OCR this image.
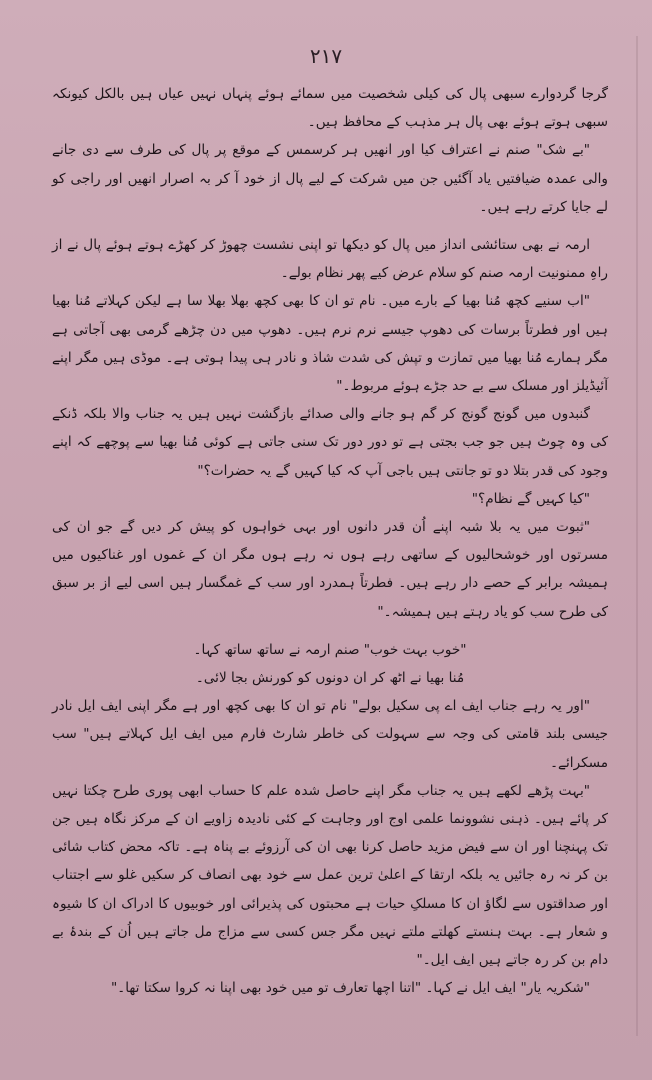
۲۱۷

گرجا گردوارے سبھی پال کی کیلی شخصیت میں سمائے ہوئے پنہاں نہیں عیاں ہیں بالکل کیونکہ سبھی ہوتے ہوئے بھی پال ہر مذہب کے محافظ ہیں۔

"بے شک" صنم نے اعتراف کیا اور انھیں ہر کرسمس کے موقع پر پال کی طرف سے دی جانے والی عمدہ ضیافتیں یاد آگئیں جن میں شرکت کے لیے پال از خود آ کر بہ اصرار انھیں اور راجی کو لے جایا کرتے رہے ہیں۔

ارمہ نے بھی ستائشی انداز میں پال کو دیکھا تو اپنی نشست چھوڑ کر کھڑے ہوتے ہوئے پال نے از راہِ ممنونیت ارمہ صنم کو سلام عرض کیے پھر نظام بولے۔

"اب سنیے کچھ مُنا بھیا کے بارے میں۔ نام تو ان کا بھی کچھ بھلا بھلا سا ہے لیکن کہلاتے مُنا بھیا ہیں اور فطرتاً برسات کی دھوپ جیسے نرم نرم ہیں۔ دھوپ میں دن چڑھے گرمی بھی آجاتی ہے مگر ہمارے مُنا بھیا میں تمازت و تپش کی شدت شاذ و نادر ہی پیدا ہوتی ہے۔ موڈی ہیں مگر اپنے آئیڈیلز اور مسلک سے بے حد جڑے ہوئے مربوط۔"

گنبدوں میں گونج گونج کر گم ہو جانے والی صدائے بازگشت نہیں ہیں یہ جناب والا بلکہ ڈنکے کی وہ چوٹ ہیں جو جب بجتی ہے تو دور دور تک سنی جاتی ہے کوئی مُنا بھیا سے پوچھے کہ اپنے وجود کی قدر بتلا دو تو جانتی ہیں باجی آپ کہ کیا کہیں گے یہ حضرات؟"

"کیا کہیں گے نظام؟"

"ثبوت میں یہ بلا شبہ اپنے اُن قدر دانوں اور بہی خواہوں کو پیش کر دیں گے جو ان کی مسرتوں اور خوشحالیوں کے ساتھی رہے ہوں نہ رہے ہوں مگر ان کے غموں اور غناکیوں میں ہمیشہ برابر کے حصے دار رہے ہیں۔ فطرتاً ہمدرد اور سب کے غمگسار ہیں اسی لیے از بر سبق کی طرح سب کو یاد رہتے ہیں ہمیشہ۔"

"خوب بہت خوب" صنم ارمہ نے ساتھ ساتھ کہا۔

مُنا بھیا نے اٹھ کر ان دونوں کو کورنش بجا لائی۔

"اور یہ رہے جناب ایف اے پی سکیل بولے" نام تو ان کا بھی کچھ اور ہے مگر اپنی ایف ایل نادر جیسی بلند قامتی کی وجہ سے سہولت کی خاطر شارٹ فارم میں ایف ایل کہلاتے ہیں" سب مسکرائے۔

"بہت پڑھے لکھے ہیں یہ جناب مگر اپنے حاصل شدہ علم کا حساب ابھی پوری طرح چکتا نہیں کر پائے ہیں۔ ذہنی نشوونما علمی اوج اور وجاہت کے کئی نادیدہ زاویے ان کے مرکز نگاہ ہیں جن تک پہنچنا اور ان سے فیض مزید حاصل کرنا بھی ان کی آرزوئے بے پناہ ہے۔ تاکہ محض کتاب شائی بن کر نہ رہ جائیں یہ بلکہ ارتقا کے اعلیٰ ترین عمل سے خود بھی انصاف کر سکیں غلو سے اجتناب اور صداقتوں سے لگاؤ ان کا مسلکِ حیات ہے محبتوں کی پذیرائی اور خوبیوں کا ادراک ان کا شیوہ و شعار ہے۔ بہت ہنستے کھلتے ملتے نہیں مگر جس کسی سے مزاج مل جاتے ہیں اُن کے بندۂ بے دام بن کر رہ جاتے ہیں ایف ایل۔"

"شکریہ یار" ایف ایل نے کہا۔ "اتنا اچھا تعارف تو میں خود بھی اپنا نہ کروا سکتا تھا۔"
